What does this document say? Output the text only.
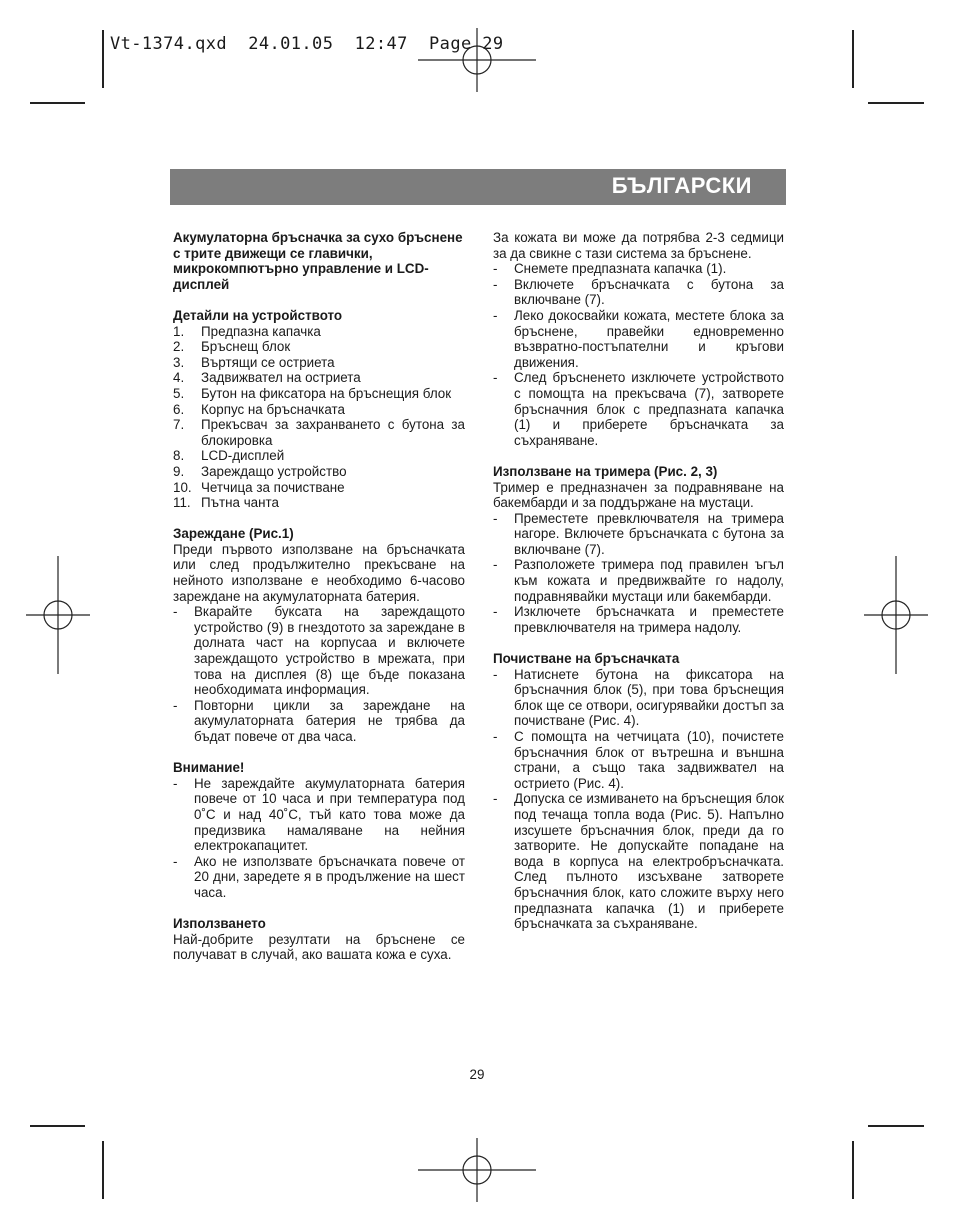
Vt-1374.qxd  24.01.05  12:47  Page 29
БЪЛГАРСКИ

Акумулаторна бръсначка за сухо бръснене с трите движещи се главички, микрокомпютърно управление и LCD-дисплей

Детайли на устройството

1.	Предпазна капачка
2.	Бръснещ блок
3.	Въртящи се остриета
4.	Задвижвател на остриета
5.	Бутон на фиксатора на бръснещия блок
6.	Корпус на бръсначката
7.	Прекъсвач за захранването с бутона за блокировка
8.	LCD-дисплей
9.	Зареждащо устройство
10. Четчица за почистване
11. Пътна чанта

Зареждане (Рис.1)

Преди първото използване на бръсначката или след продължително прекъсване на нейното използване е необходимо 6-часово зареждане на акумулаторната батерия.

-	Вкарайте буксата на зареждащото устройство (9) в гнездотото за зареждане в долната част на корпусаа и включете зареждащото устройство в мрежата, при това на дисплея (8) ще бъде показана необходимата информация.
-	Повторни цикли за зареждане на акумулаторната батерия не трябва да бъдат повече от два часа.

Внимание!

-	Не зареждайте акумулаторната батерия повече от 10 часа и при температура под 0˚С и над 40˚С, тъй като това може да предизвика намаляване на нейния електрокапацитет.
-	Ако не използвате бръсначката повече от 20 дни, заредете я в продължение на шест часа.

Използването

Най-добрите резултати на бръснене се получават в случай, ако вашата кожа е суха.

За кожата ви може да потрябва 2-3 седмици за да свикне с тази система за бръснене.

-	Снемете предпазната капачка (1).
-	Включете бръсначката с бутона за включване (7).
-	Леко докосвайки кожата, местете блока за бръснене, правейки едновременно възвратно-постъпателни и кръгови движения.
-	След бръсненето изключете устройството с помощта на прекъсвача (7), затворете бръсначния блок с предпазната капачка (1) и приберете бръсначката за съхраняване.

Използване на тримера (Рис. 2, 3)

Тример е предназначен за подравняване на бакембарди и за поддържане на мустаци.

-	Преместете превключвателя на тримера нагоре. Включете бръсначката с бутона за включване (7).
-	Разположете тримера под правилен ъгъл към кожата и предвижвайте го надолу, подравнявайки мустаци или бакембарди.
-	Изключете бръсначката и преместете превключвателя на тримера надолу.

Почистване на бръсначката

-	Натиснете бутона на фиксатора на бръсначния блок (5), при това бръснещия блок ще се отвори, осигурявайки достъп за почистване (Рис. 4).
-	С помощта на четчицата (10), почистете бръсначния блок от вътрешна и външна страни, а също така задвижвател на острието (Рис. 4).
-	Допуска се измиването на бръснещия блок под течаща топла вода (Рис. 5). Напълно изсушете бръсначния блок, преди да го затворите. Не допускайте попадане на вода в корпуса на електробръсначката. След пълното изсъхване затворете бръсначния блок, като сложите върху него предпазната капачка (1) и приберете бръсначката за съхраняване.
29
